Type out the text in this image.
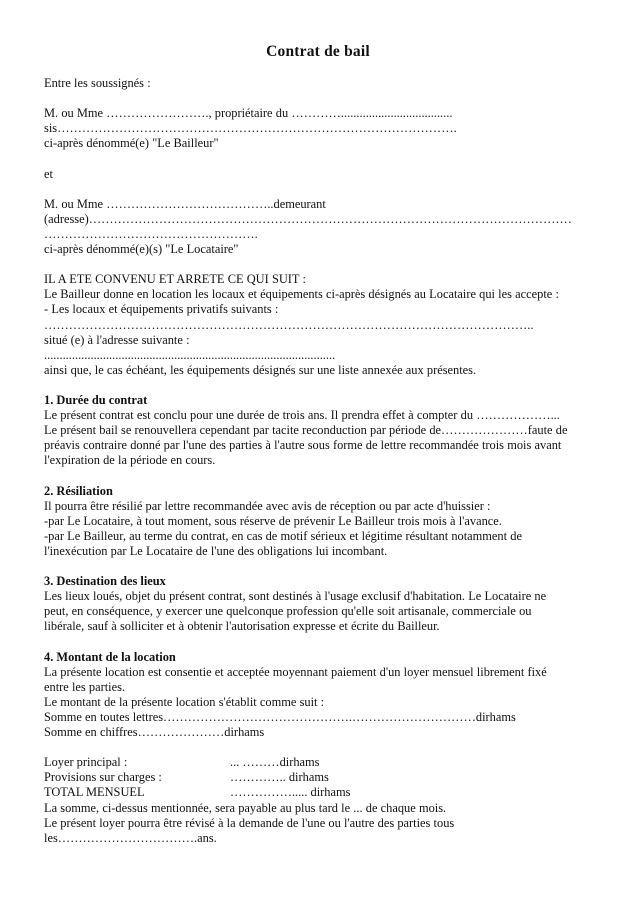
Contrat de bail

Entre les soussignés :

M. ou Mme ……………………., propriétaire du …………....................................

sis…………………………………………………………………………………….

ci-après dénommé(e) "Le Bailleur"

et

M. ou Mme …………………………………..demeurant

(adresse)………………………………………………………………………………………………………

…………………………………………….

ci-après dénommé(e)(s) "Le Locataire"

IL A ETE CONVENU ET ARRETE CE QUI SUIT :

Le Bailleur donne en location les locaux et équipements ci-après désignés au Locataire qui les accepte :

- Les locaux et équipements privatifs suivants :

………………………………………………………………………………………………………..

situé (e) à l'adresse suivante :

..............................................................................................

ainsi que, le cas échéant, les équipements désignés sur une liste annexée aux présentes.

1. Durée du contrat

Le présent contrat est conclu pour une durée de trois ans. Il prendra effet à compter du ………………...

Le présent bail se renouvellera cependant par tacite reconduction par période de…………………faute de

préavis contraire donné par l'une des parties à l'autre sous forme de lettre recommandée trois mois avant

l'expiration de la période en cours.

2. Résiliation

Il pourra être résilié par lettre recommandée avec avis de réception ou par acte d'huissier :

-par Le Locataire, à tout moment, sous réserve de prévenir Le Bailleur trois mois à l'avance.

-par Le Bailleur, au terme du contrat, en cas de motif sérieux et légitime résultant notamment de

l'inexécution par Le Locataire de l'une des obligations lui incombant.

3. Destination des lieux

Les lieux loués, objet du présent contrat, sont destinés à l'usage exclusif d'habitation. Le Locataire ne

peut, en conséquence, y exercer une quelconque profession qu'elle soit artisanale, commerciale ou

libérale, sauf à solliciter et à obtenir l'autorisation expresse et écrite du Bailleur.

4. Montant de la location

La présente location est consentie et acceptée moyennant paiement d'un loyer mensuel librement fixé

entre les parties.

Le montant de la présente location s'établit comme suit :

Somme en toutes lettres……………………………………….…………………………dirhams

Somme en chiffres…………………dirhams

Loyer principal :	... ………dirhams
Provisions sur charges :	………….. dirhams
TOTAL MENSUEL	……………..... dirhams

La somme, ci-dessus mentionnée, sera payable au plus tard le ... de chaque mois.

Le présent loyer pourra être révisé à la demande de l'une ou l'autre des parties tous

les…………………………….ans.
